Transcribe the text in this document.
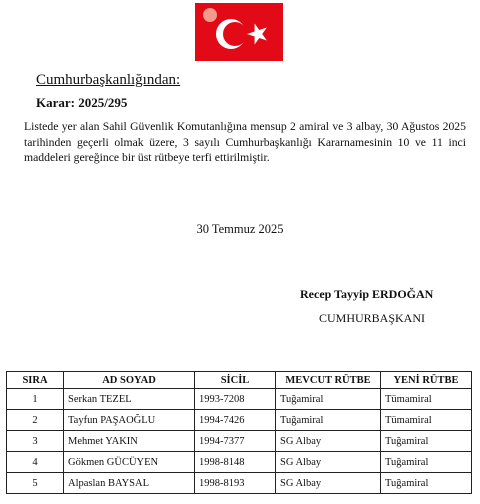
Cumhurbaşkanlığından:
Karar: 2025/295

Listede yer alan Sahil Güvenlik Komutanlığına mensup 2 amiral ve 3 albay, 30 Ağustos 2025 tarihinden geçerli olmak üzere, 3 sayılı Cumhurbaşkanlığı Kararnamesinin 10 ve 11 inci maddeleri gereğince bir üst rütbeye terfi ettirilmiştir.

30 Temmuz 2025
Recep Tayyip ERDOĞAN
CUMHURBAŞKANI
SIRA	AD SOYAD	SİCİL	MEVCUT RÜTBE	YENİ RÜTBE
1	Serkan TEZEL	1993-7208	Tuğamiral	Tümamiral
2	Tayfun PAŞAOĞLU	1994-7426	Tuğamiral	Tümamiral
3	Mehmet YAKIN	1994-7377	SG Albay	Tuğamiral
4	Gökmen GÜCÜYEN	1998-8148	SG Albay	Tuğamiral
5	Alpaslan BAYSAL	1998-8193	SG Albay	Tuğamiral
